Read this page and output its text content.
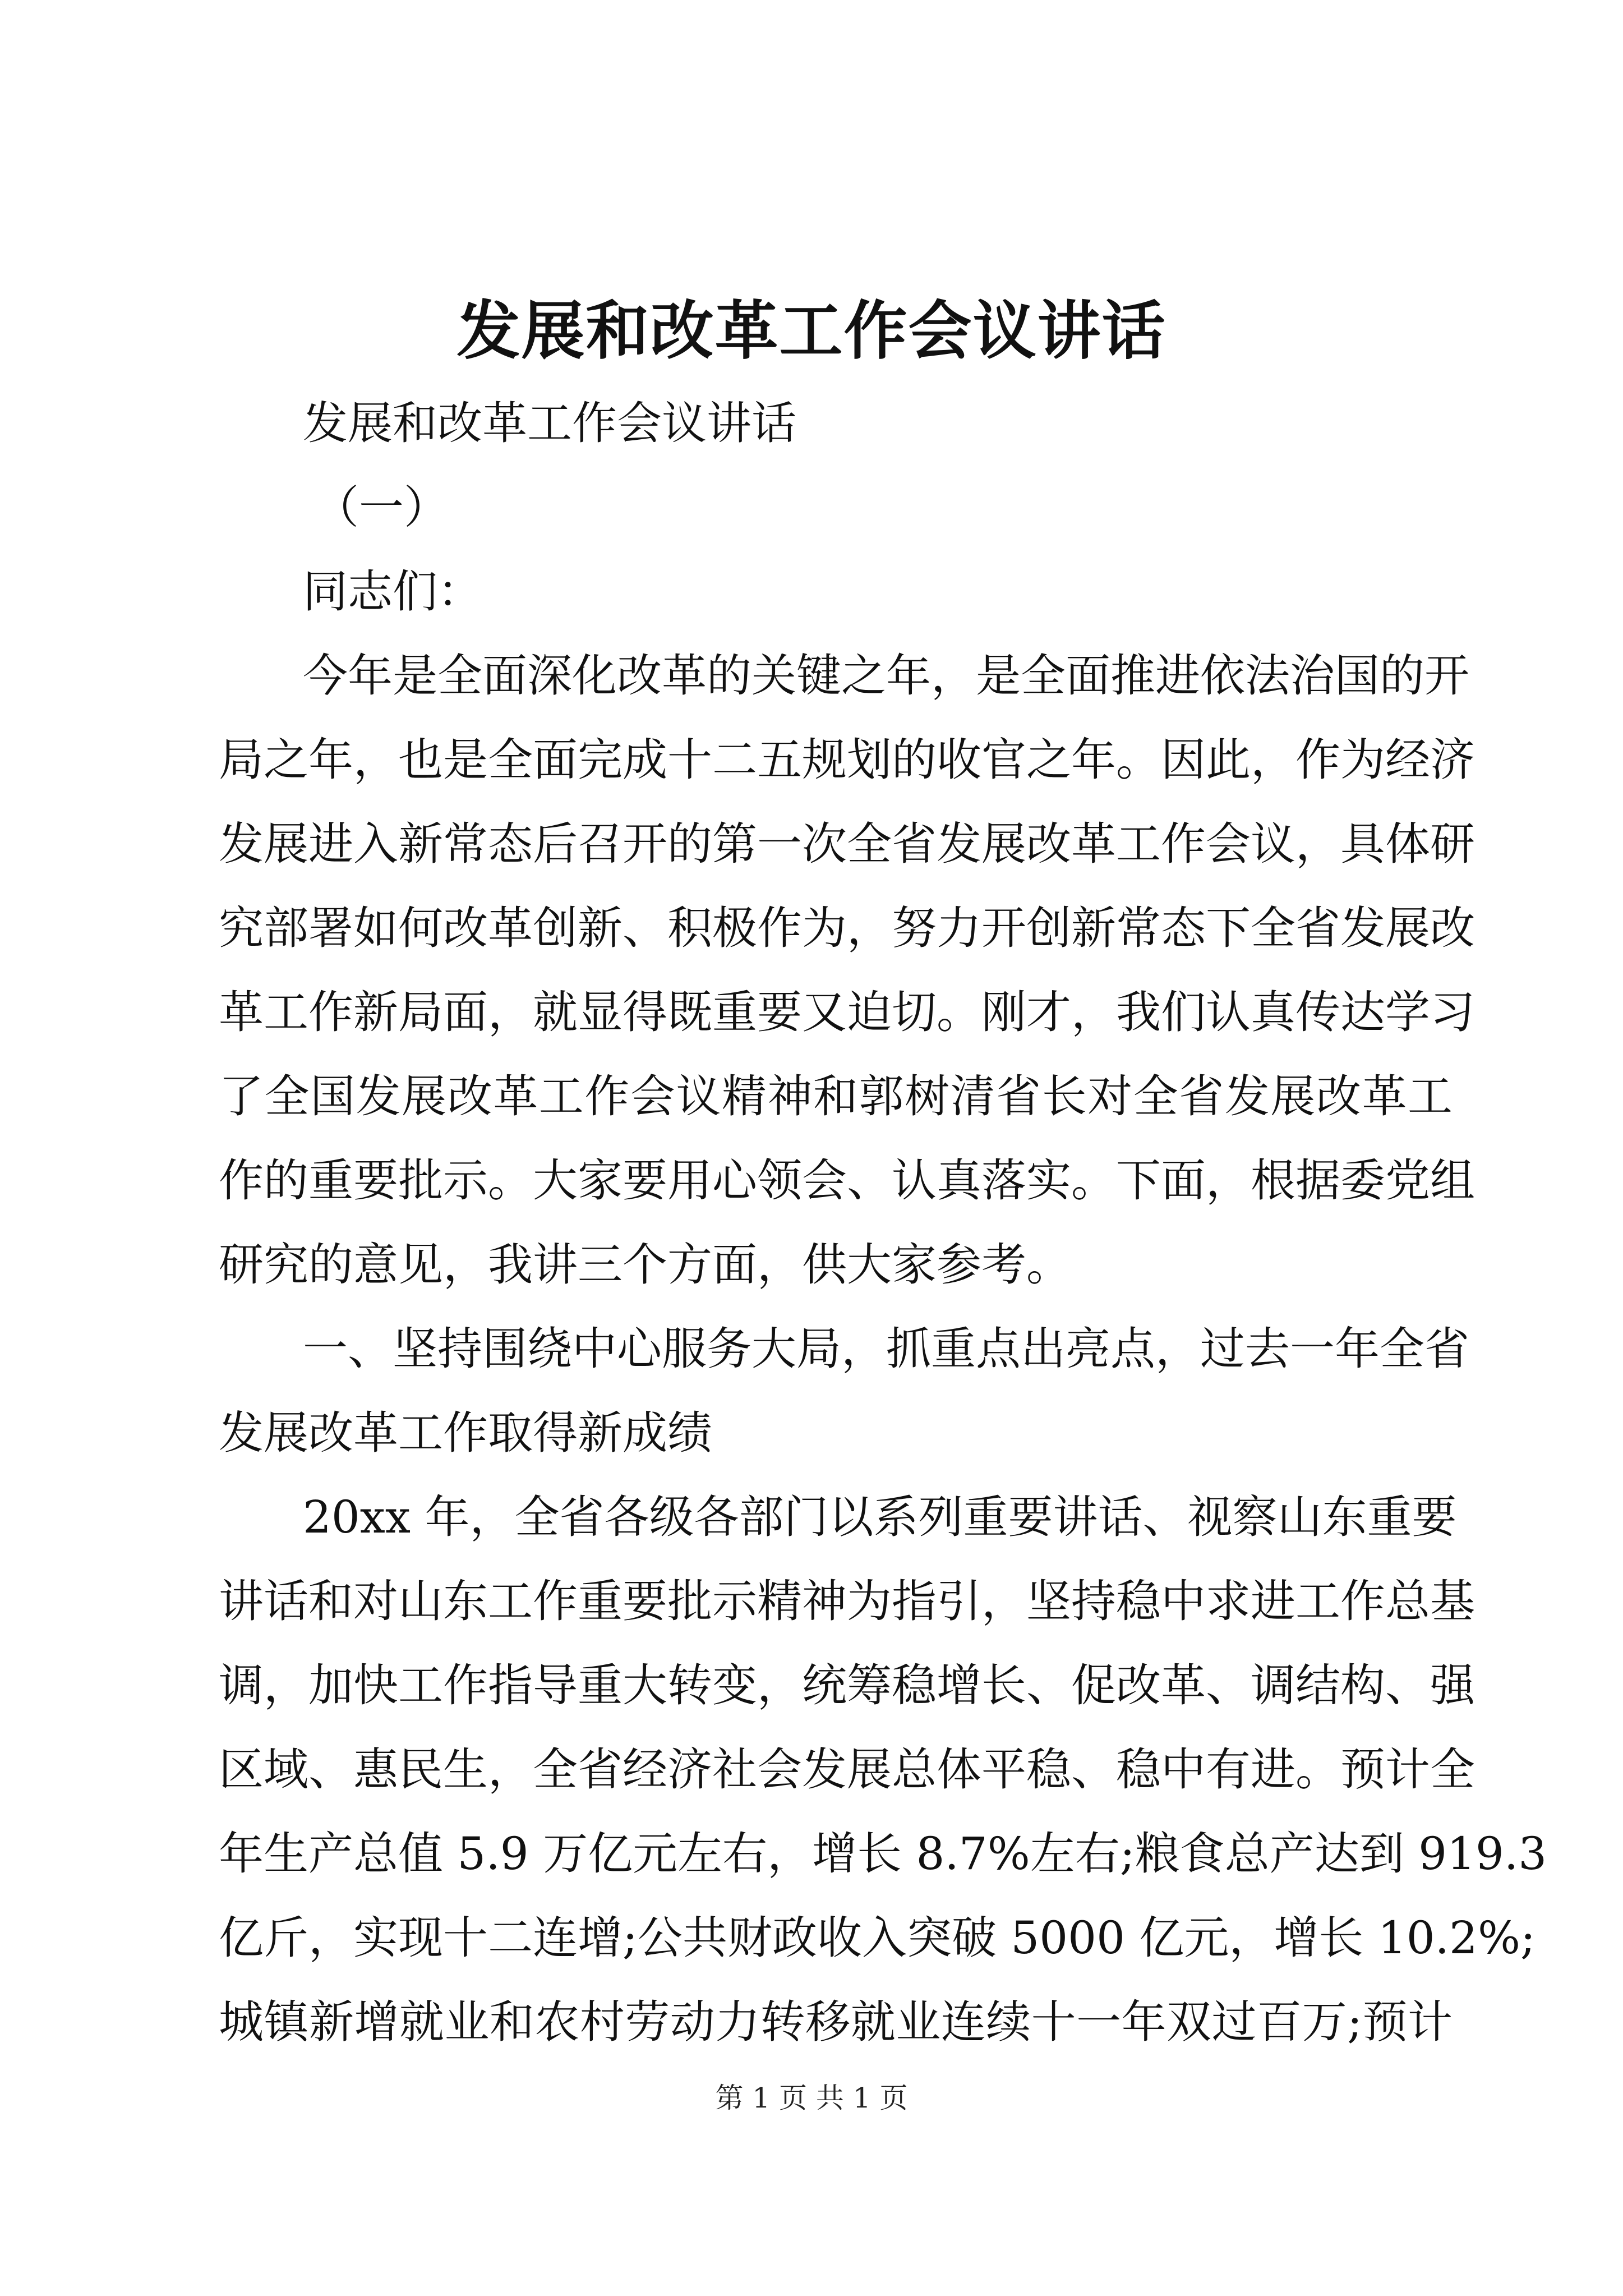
发展和改革工作会议讲话
发展和改革工作会议讲话
（一）
同志们：
今年是全面深化改革的关键之年，是全面推进依法治国的开
局之年，也是全面完成十二五规划的收官之年。因此，作为经济
发展进入新常态后召开的第一次全省发展改革工作会议，具体研
究部署如何改革创新、积极作为，努力开创新常态下全省发展改
革工作新局面，就显得既重要又迫切。刚才，我们认真传达学习
了全国发展改革工作会议精神和郭树清省长对全省发展改革工
作的重要批示。大家要用心领会、认真落实。下面，根据委党组
研究的意见，我讲三个方面，供大家参考。
一、坚持围绕中心服务大局，抓重点出亮点，过去一年全省
发展改革工作取得新成绩
20xx 年，全省各级各部门以系列重要讲话、视察山东重要
讲话和对山东工作重要批示精神为指引，坚持稳中求进工作总基
调，加快工作指导重大转变，统筹稳增长、促改革、调结构、强
区域、惠民生，全省经济社会发展总体平稳、稳中有进。预计全
年生产总值 5.9 万亿元左右，增长 8.7%左右;粮食总产达到 919.3
亿斤，实现十二连增;公共财政收入突破 5000 亿元，增长 10.2%;
城镇新增就业和农村劳动力转移就业连续十一年双过百万;预计
第 1 页 共 1 页
